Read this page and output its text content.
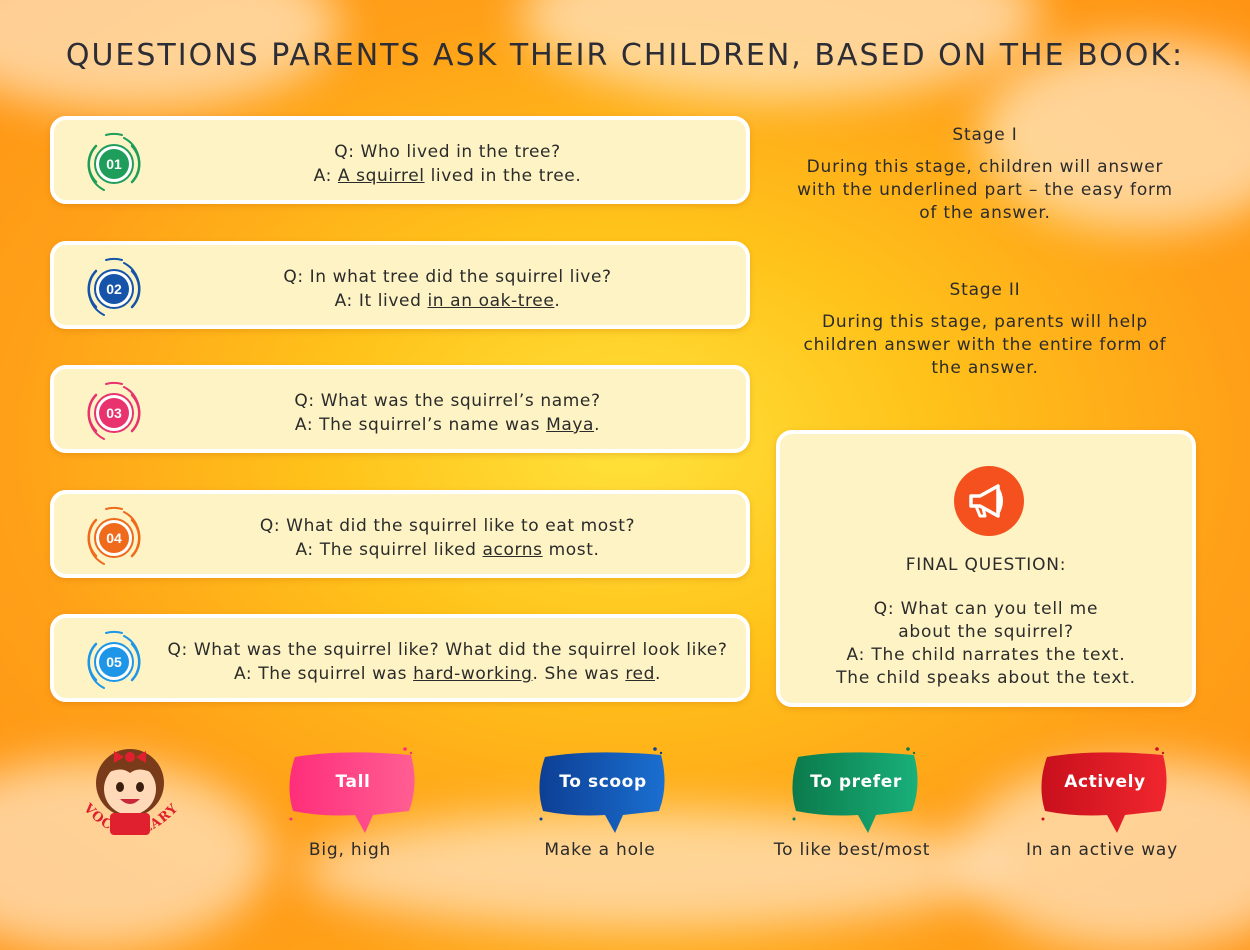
QUESTIONS PARENTS ASK THEIR CHILDREN, BASED ON THE BOOK:
01
Q: Who lived in the tree?
A: A squirrel lived in the tree.
02
Q: In what tree did the squirrel live?
A: It lived in an oak-tree.
03
Q: What was the squirrel’s name?
A: The squirrel’s name was Maya.
04
Q: What did the squirrel like to eat most?
A: The squirrel liked acorns most.
05
Q: What was the squirrel like? What did the squirrel look like?
A: The squirrel was hard-working. She was red.
Stage I
During this stage, children will answer with the underlined part – the easy form of the answer.
Stage II
During this stage, parents will help children answer with the entire form of the answer.
FINAL QUESTION:
Q: What can you tell me
about the squirrel?
A: The child narrates the text.
The child speaks about the text.
VOCABULARY
Tall
Big, high
To scoop
Make a hole
To prefer
To like best/most
Actively
In an active way
